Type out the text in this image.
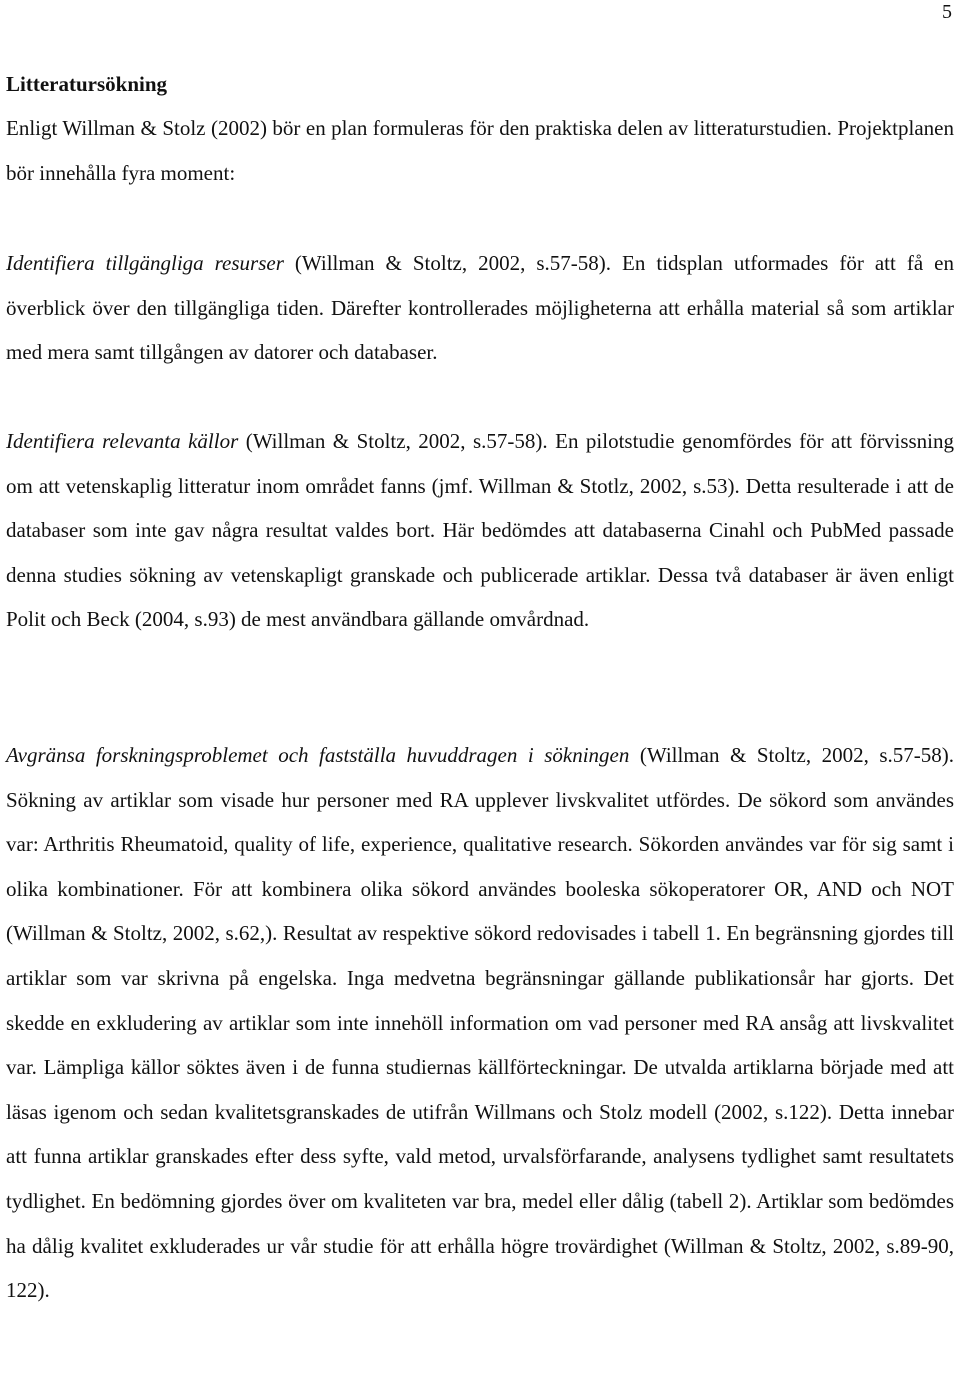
5
Litteratursökning

Enligt Willman & Stolz (2002) bör en plan formuleras för den praktiska delen av litteraturstudien. Projektplanen bör innehålla fyra moment:

Identifiera tillgängliga resurser (Willman & Stoltz, 2002, s.57-58). En tidsplan utformades för att få en överblick över den tillgängliga tiden. Därefter kontrollerades möjligheterna att erhålla material så som artiklar med mera samt tillgången av datorer och databaser.

Identifiera relevanta källor (Willman & Stoltz, 2002, s.57-58). En pilotstudie genomfördes för att förvissning om att vetenskaplig litteratur inom området fanns (jmf. Willman & Stotlz, 2002, s.53). Detta resulterade i att de databaser som inte gav några resultat valdes bort. Här bedömdes att databaserna Cinahl och PubMed passade denna studies sökning av vetenskapligt granskade och publicerade artiklar. Dessa två databaser är även enligt Polit och Beck (2004, s.93) de mest användbara gällande omvårdnad.

Avgränsa forskningsproblemet och fastställa huvuddragen i sökningen (Willman & Stoltz, 2002, s.57-58). Sökning av artiklar som visade hur personer med RA upplever livskvalitet utfördes. De sökord som användes var: Arthritis Rheumatoid, quality of life, experience, qualitative research. Sökorden användes var för sig samt i olika kombinationer. För att kombinera olika sökord användes booleska sökoperatorer OR, AND och NOT (Willman & Stoltz, 2002, s.62,). Resultat av respektive sökord redovisades i tabell 1. En begränsning gjordes till artiklar som var skrivna på engelska. Inga medvetna begränsningar gällande publikationsår har gjorts. Det skedde en exkludering av artiklar som inte innehöll information om vad personer med RA ansåg att livskvalitet var. Lämpliga källor söktes även i de funna studiernas källförteckningar. De utvalda artiklarna började med att läsas igenom och sedan kvalitetsgranskades de utifrån Willmans och Stolz modell (2002, s.122). Detta innebar att funna artiklar granskades efter dess syfte, vald metod, urvalsförfarande, analysens tydlighet samt resultatets tydlighet. En bedömning gjordes över om kvaliteten var bra, medel eller dålig (tabell 2). Artiklar som bedömdes ha dålig kvalitet exkluderades ur vår studie för att erhålla högre trovärdighet (Willman & Stoltz, 2002, s.89-90, 122).
